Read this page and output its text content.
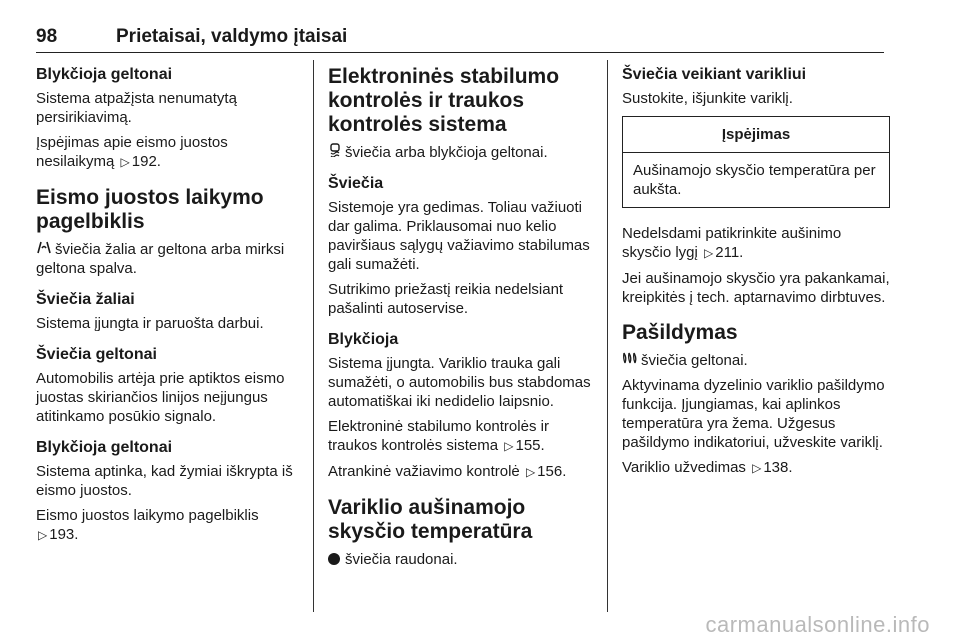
98	Prietaisai, valdymo įtaisai
Blykčioja geltonai

Sistema atpažįsta nenumatytą persirikiavimą.

Įspėjimas apie eismo juostos nesilaikymą ▷ 192.

Eismo juostos laikymo pagelbiklis

šviečia žalia ar geltona arba mirksi geltona spalva.

Šviečia žaliai

Sistema įjungta ir paruošta darbui.

Šviečia geltonai

Automobilis artėja prie aptiktos eismo juostas skiriančios linijos neįjungus atitinkamo posūkio signalo.

Blykčioja geltonai

Sistema aptinka, kad žymiai iškrypta iš eismo juostos.

Eismo juostos laikymo pagelbiklis
▷ 193.

Elektroninės stabilumo kontrolės ir traukos kontrolės sistema

šviečia arba blykčioja geltonai.

Šviečia

Sistemoje yra gedimas. Toliau važiuoti dar galima. Priklausomai nuo kelio paviršiaus sąlygų važiavimo stabilumas gali sumažėti.

Sutrikimo priežastį reikia nedelsiant pašalinti autoservise.

Blykčioja

Sistema įjungta. Variklio trauka gali sumažėti, o automobilis bus stabdomas automatiškai iki nedidelio laipsnio.

Elektroninė stabilumo kontrolės ir traukos kontrolės sistema ▷ 155.

Atrankinė važiavimo kontrolė ▷ 156.

Variklio aušinamojo skysčio temperatūra

šviečia raudonai.

Šviečia veikiant varikliui

Sustokite, išjunkite variklį.

Įspėjimas
Aušinamojo skysčio temperatūra per aukšta.

Nedelsdami patikrinkite aušinimo skysčio lygį ▷ 211.

Jei aušinamojo skysčio yra pakankamai, kreipkitės į tech. aptarnavimo dirbtuves.

Pašildymas

šviečia geltonai.

Aktyvinama dyzelinio variklio pašildymo funkcija. Įjungiamas, kai aplinkos temperatūra yra žema. Užgesus pašildymo indikatoriui, užveskite variklį.

Variklio užvedimas ▷ 138.

carmanualsonline.info
